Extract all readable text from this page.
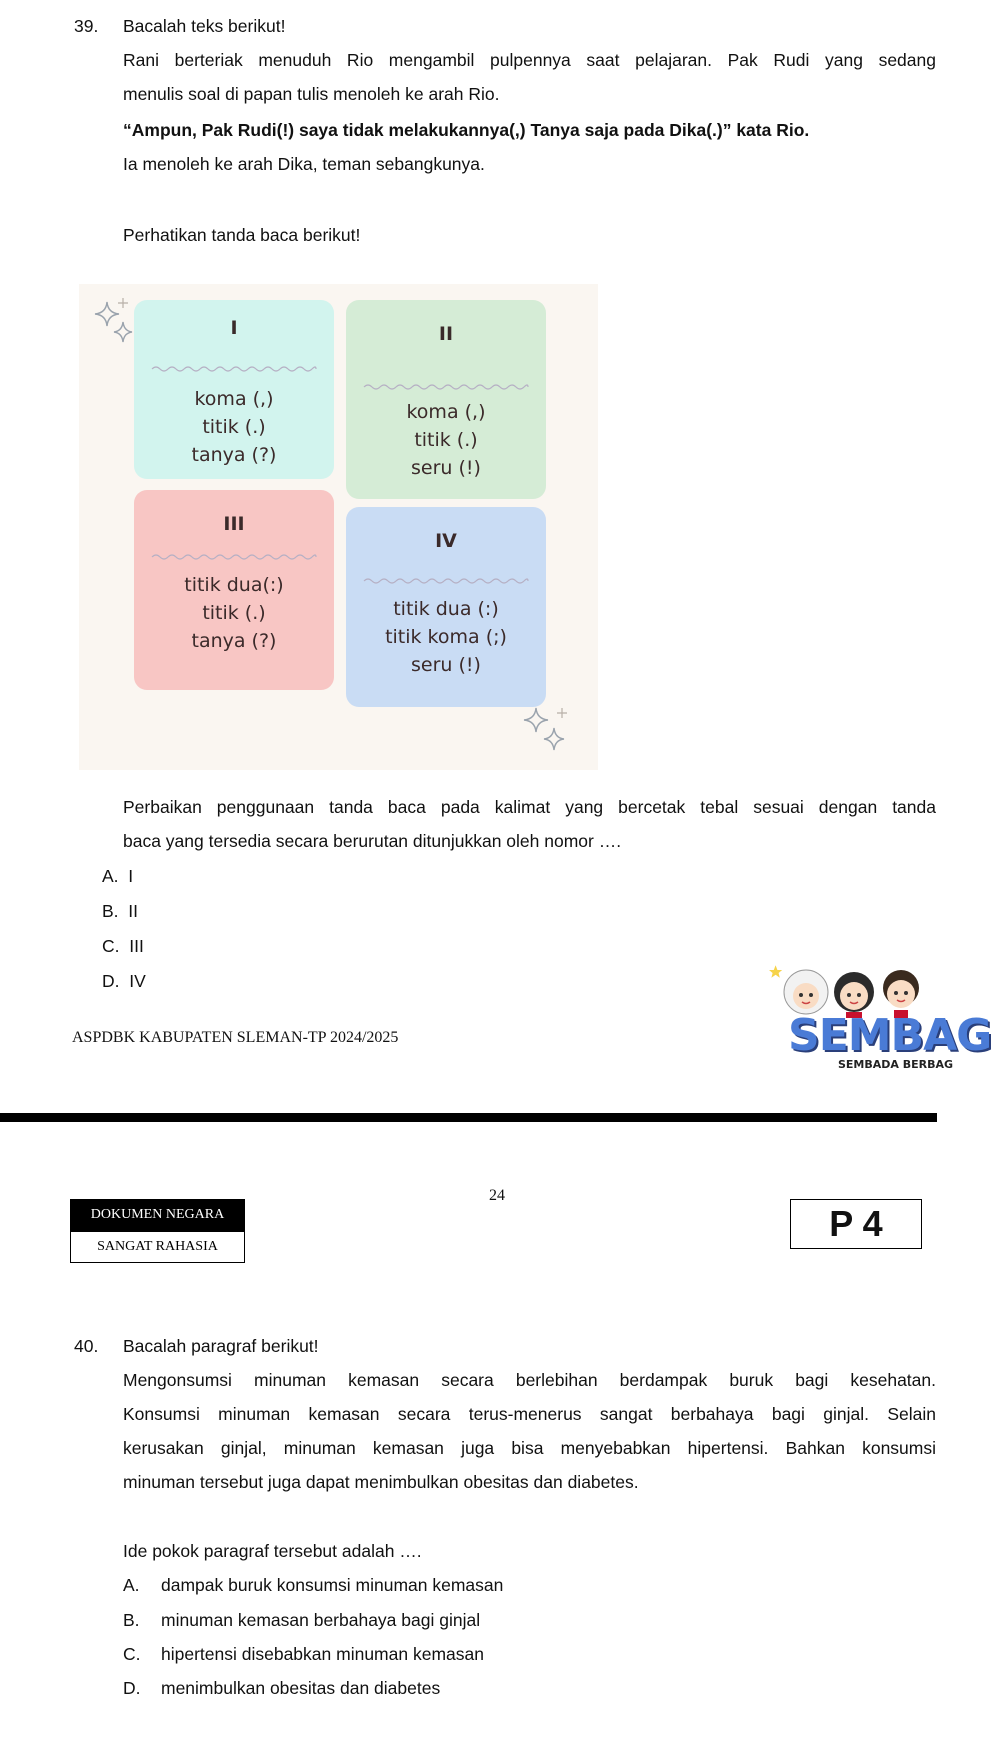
39. Bacalah teks berikut!
Rani berteriak menuduh Rio mengambil pulpennya saat pelajaran. Pak Rudi yang sedang
menulis soal di papan tulis menoleh ke arah Rio.
“Ampun, Pak Rudi(!) saya tidak melakukannya(,) Tanya saja pada Dika(.)” kata Rio.
Ia menoleh ke arah Dika, teman sebangkunya.
Perhatikan tanda baca berikut!
I
koma (,)
titik (.)
tanya (?)
II
koma (,)
titik (.)
seru (!)
III
titik dua(:)
titik (.)
tanya (?)
IV
titik dua (:)
titik koma (;)
seru (!)
Perbaikan penggunaan tanda baca pada kalimat yang bercetak tebal sesuai dengan tanda
baca yang tersedia secara berurutan ditunjukkan oleh nomor ….
A. I
B. II
C. III
D. IV
ASPDBK KABUPATEN SLEMAN-TP 2024/2025	SEMBAG
SEMBADA BERBAG
24
DOKUMEN NEGARA
SANGAT RAHASIA
P 4
40. Bacalah paragraf berikut!
Mengonsumsi minuman kemasan secara berlebihan berdampak buruk bagi kesehatan.
Konsumsi minuman kemasan secara terus-menerus sangat berbahaya bagi ginjal. Selain
kerusakan ginjal, minuman kemasan juga bisa menyebabkan hipertensi. Bahkan konsumsi
minuman tersebut juga dapat menimbulkan obesitas dan diabetes.
Ide pokok paragraf tersebut adalah ….
A. dampak buruk konsumsi minuman kemasan
B. minuman kemasan berbahaya bagi ginjal
C. hipertensi disebabkan minuman kemasan
D. menimbulkan obesitas dan diabetes
